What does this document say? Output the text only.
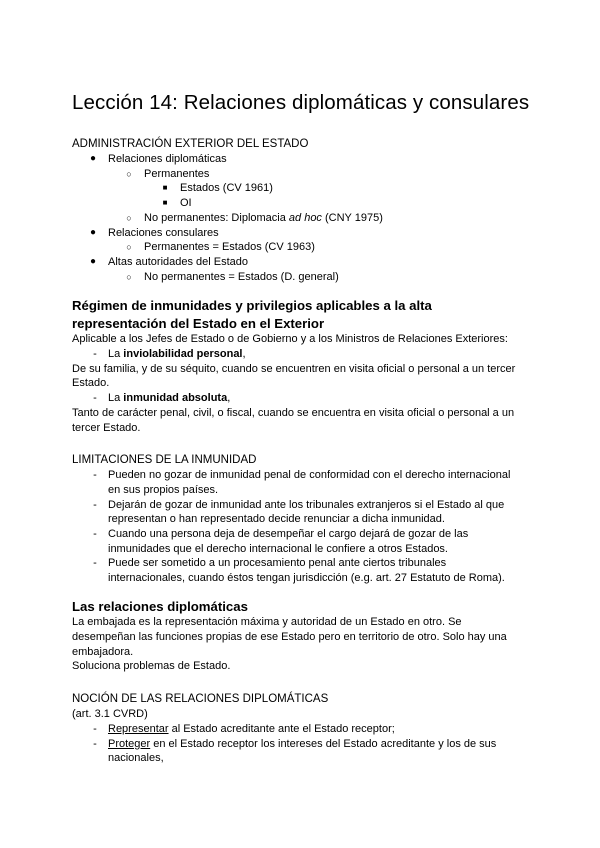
Lección 14: Relaciones diplomáticas y consulares
ADMINISTRACIÓN EXTERIOR DEL ESTADO
● Relaciones diplomáticas
○ Permanentes
■	Estados (CV 1961)
■	OI
○ No permanentes: Diplomacia ad hoc (CNY 1975)
● Relaciones consulares
○ Permanentes = Estados (CV 1963)
● Altas autoridades del Estado
○ No permanentes = Estados (D. general)
Régimen de inmunidades y privilegios aplicables a la alta
representación del Estado en el Exterior

Aplicable a los Jefes de Estado o de Gobierno y a los Ministros de Relaciones Exteriores:

-	La inviolabilidad personal,

De su familia, y de su séquito, cuando se encuentren en visita oficial o personal a un tercer
Estado.

-	La inmunidad absoluta,

Tanto de carácter penal, civil, o fiscal, cuando se encuentra en visita oficial o personal a un
tercer Estado.

LIMITACIONES DE LA INMUNIDAD
-	Pueden no gozar de inmunidad penal de conformidad con el derecho internacional
en sus propios países.
-	Dejarán de gozar de inmunidad ante los tribunales extranjeros si el Estado al que
representan o han representado decide renunciar a dicha inmunidad.
-	Cuando una persona deja de desempeñar el cargo dejará de gozar de las
inmunidades que el derecho internacional le confiere a otros Estados.
-	Puede ser sometido a un procesamiento penal ante ciertos tribunales
internacionales, cuando éstos tengan jurisdicción (e.g. art. 27 Estatuto de Roma).
Las relaciones diplomáticas

La embajada es la representación máxima y autoridad de un Estado en otro. Se
desempeñan las funciones propias de ese Estado pero en territorio de otro. Solo hay una
embajadora.
Soluciona problemas de Estado.

NOCIÓN DE LAS RELACIONES DIPLOMÁTICAS

(art. 3.1 CVRD)

-	Representar al Estado acreditante ante el Estado receptor;
-	Proteger en el Estado receptor los intereses del Estado acreditante y los de sus
nacionales,
